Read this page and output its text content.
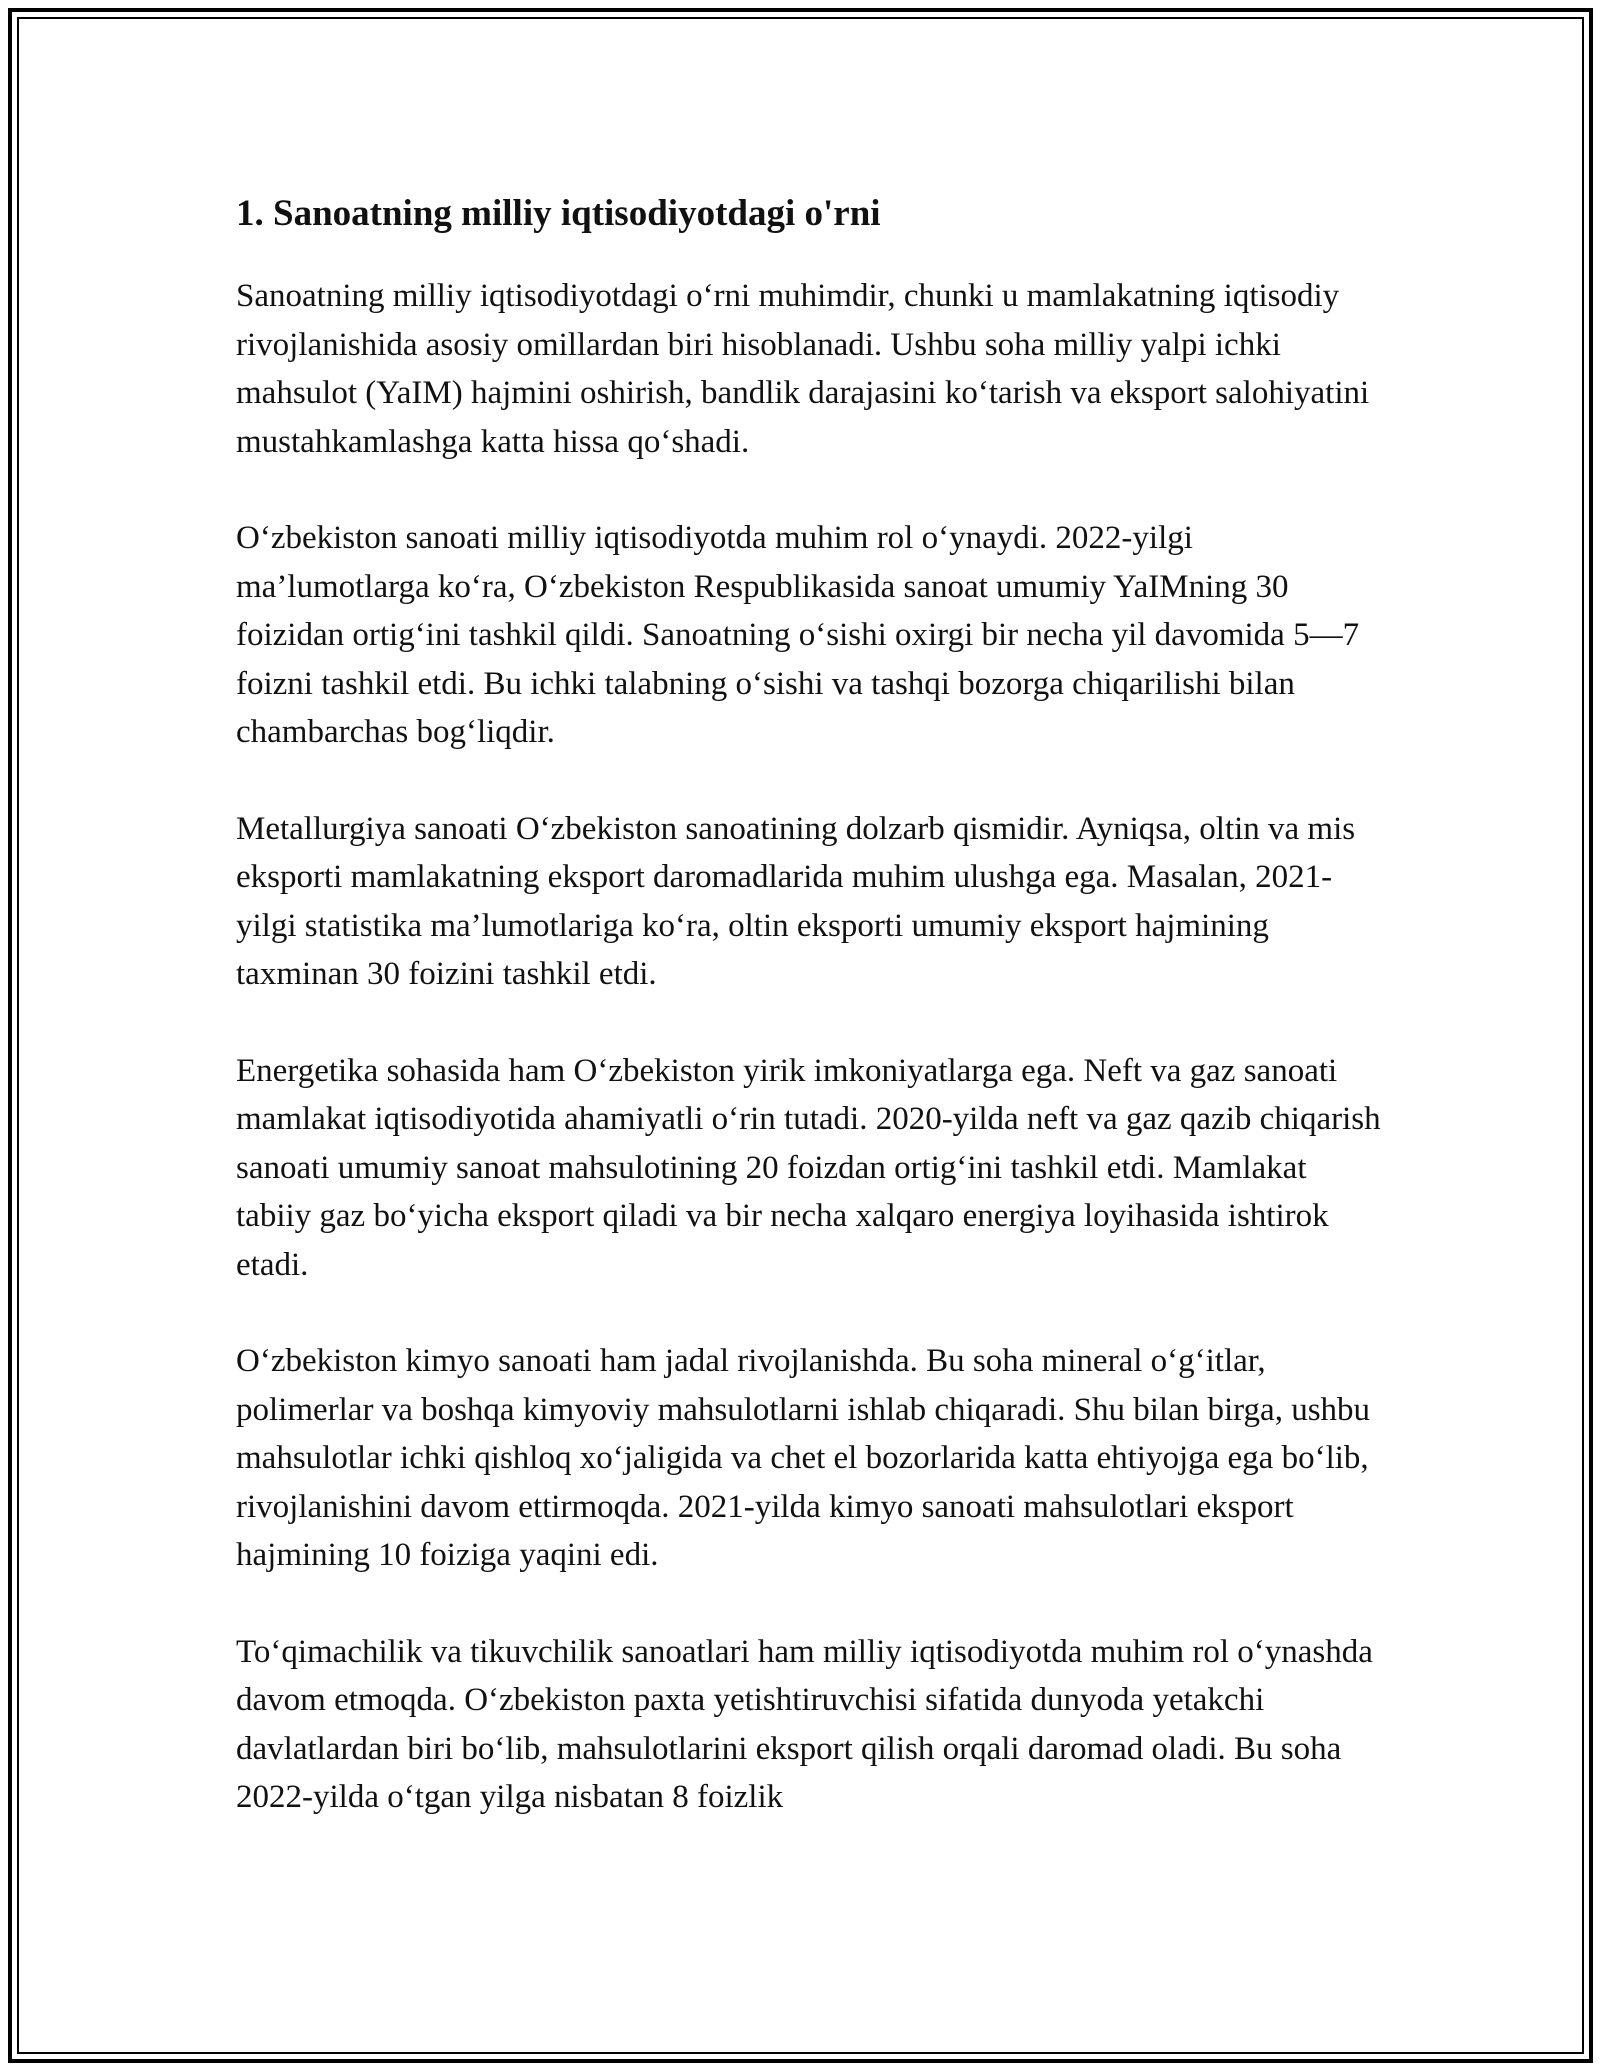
1. Sanoatning milliy iqtisodiyotdagi o'rni

Sanoatning milliy iqtisodiyotdagi o‘rni muhimdir, chunki u mamlakatning iqtisodiy rivojlanishida asosiy omillardan biri hisoblanadi. Ushbu soha milliy yalpi ichki mahsulot (YaIM) hajmini oshirish, bandlik darajasini ko‘tarish va eksport salohiyatini mustahkamlashga katta hissa qo‘shadi.

O‘zbekiston sanoati milliy iqtisodiyotda muhim rol o‘ynaydi. 2022-yilgi ma’lumotlarga ko‘ra, O‘zbekiston Respublikasida sanoat umumiy YaIMning 30 foizidan ortig‘ini tashkil qildi. Sanoatning o‘sishi oxirgi bir necha yil davomida 5—7 foizni tashkil etdi. Bu ichki talabning o‘sishi va tashqi bozorga chiqarilishi bilan chambarchas bog‘liqdir.

Metallurgiya sanoati O‘zbekiston sanoatining dolzarb qismidir. Ayniqsa, oltin va mis eksporti mamlakatning eksport daromadlarida muhim ulushga ega. Masalan, 2021-yilgi statistika ma’lumotlariga ko‘ra, oltin eksporti umumiy eksport hajmining taxminan 30 foizini tashkil etdi.

Energetika sohasida ham O‘zbekiston yirik imkoniyatlarga ega. Neft va gaz sanoati mamlakat iqtisodiyotida ahamiyatli o‘rin tutadi. 2020-yilda neft va gaz qazib chiqarish sanoati umumiy sanoat mahsulotining 20 foizdan ortig‘ini tashkil etdi. Mamlakat tabiiy gaz bo‘yicha eksport qiladi va bir necha xalqaro energiya loyihasida ishtirok etadi.

O‘zbekiston kimyo sanoati ham jadal rivojlanishda. Bu soha mineral o‘g‘itlar, polimerlar va boshqa kimyoviy mahsulotlarni ishlab chiqaradi. Shu bilan birga, ushbu mahsulotlar ichki qishloq xo‘jaligida va chet el bozorlarida katta ehtiyojga ega bo‘lib, rivojlanishini davom ettirmoqda. 2021-yilda kimyo sanoati mahsulotlari eksport hajmining 10 foiziga yaqini edi.

To‘qimachilik va tikuvchilik sanoatlari ham milliy iqtisodiyotda muhim rol o‘ynashda davom etmoqda. O‘zbekiston paxta yetishtiruvchisi sifatida dunyoda yetakchi davlatlardan biri bo‘lib, mahsulotlarini eksport qilish orqali daromad oladi. Bu soha 2022-yilda o‘tgan yilga nisbatan 8 foizlik
